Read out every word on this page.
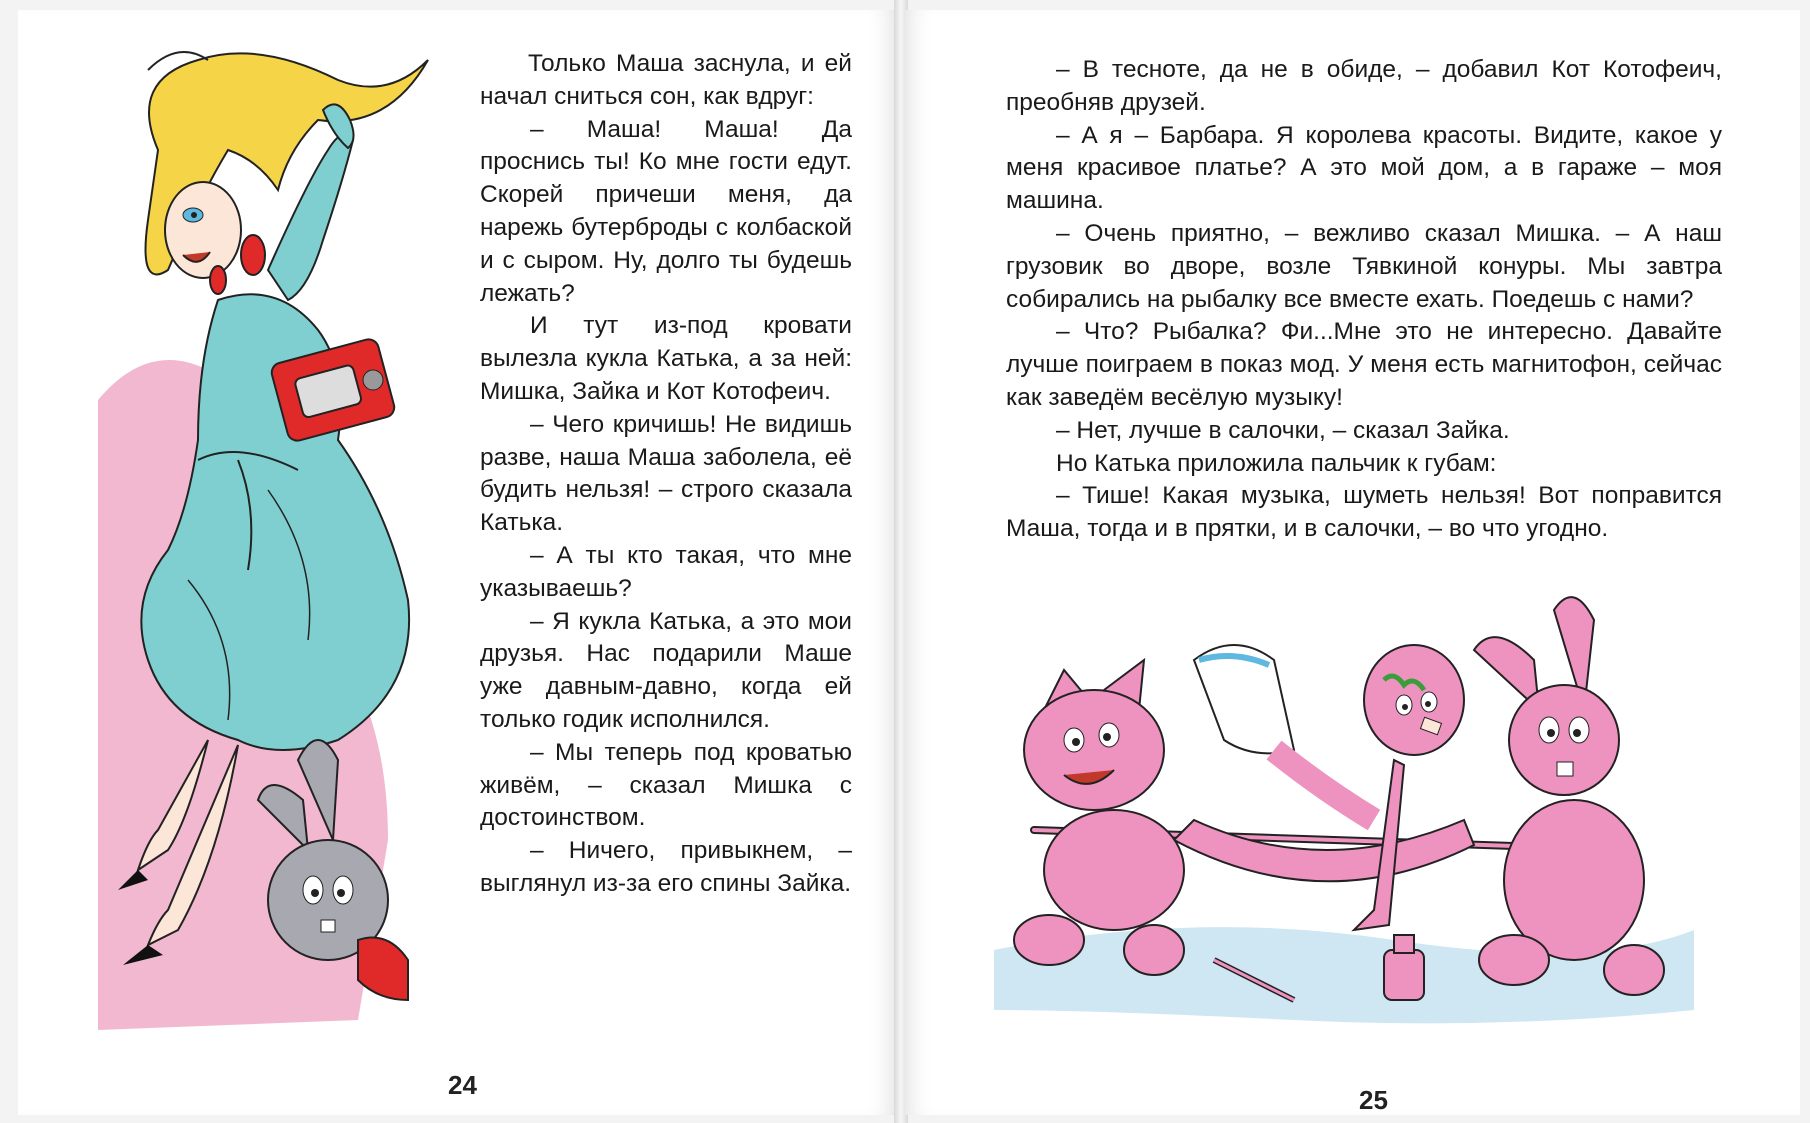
Только Маша заснула, и ей начал сниться сон, как вдруг:

– Маша! Маша! Да проснись ты! Ко мне гости едут. Скорей причеши меня, да нарежь бутерброды с колбаской и с сыром. Ну, долго ты будешь лежать?

И тут из-под кровати вылезла кукла Катька, а за ней: Мишка, Зайка и Кот Котофеич.

– Чего кричишь! Не видишь разве, наша Маша заболела, её будить нельзя! – строго сказала Катька.

– А ты кто такая, что мне указываешь?

– Я кукла Катька, а это мои друзья. Нас подарили Маше уже давным-давно, когда ей только годик исполнился.

– Мы теперь под кроватью живём, – сказал Мишка с достоинством.

– Ничего, привыкнем, – выглянул из-за его спины Зайка.

24

– В тесноте, да не в обиде, – добавил Кот Котофеич, преобняв друзей.

– А я – Барбара. Я королева красоты. Видите, какое у меня красивое платье? А это мой дом, а в гараже – моя машина.

– Очень приятно, – вежливо сказал Мишка. – А наш грузовик во дворе, возле Тявкиной конуры. Мы завтра собирались на рыбалку все вместе ехать. Поедешь с нами?

– Что? Рыбалка? Фи...Мне это не интересно. Давайте лучше поиграем в показ мод. У меня есть магнитофон, сейчас как заведём весёлую музыку!

– Нет, лучше в салочки, – сказал Зайка.

Но Катька приложила пальчик к губам:

– Тише! Какая музыка, шуметь нельзя! Вот поправится Маша, тогда и в прятки, и в салочки, – во что угодно.

25
